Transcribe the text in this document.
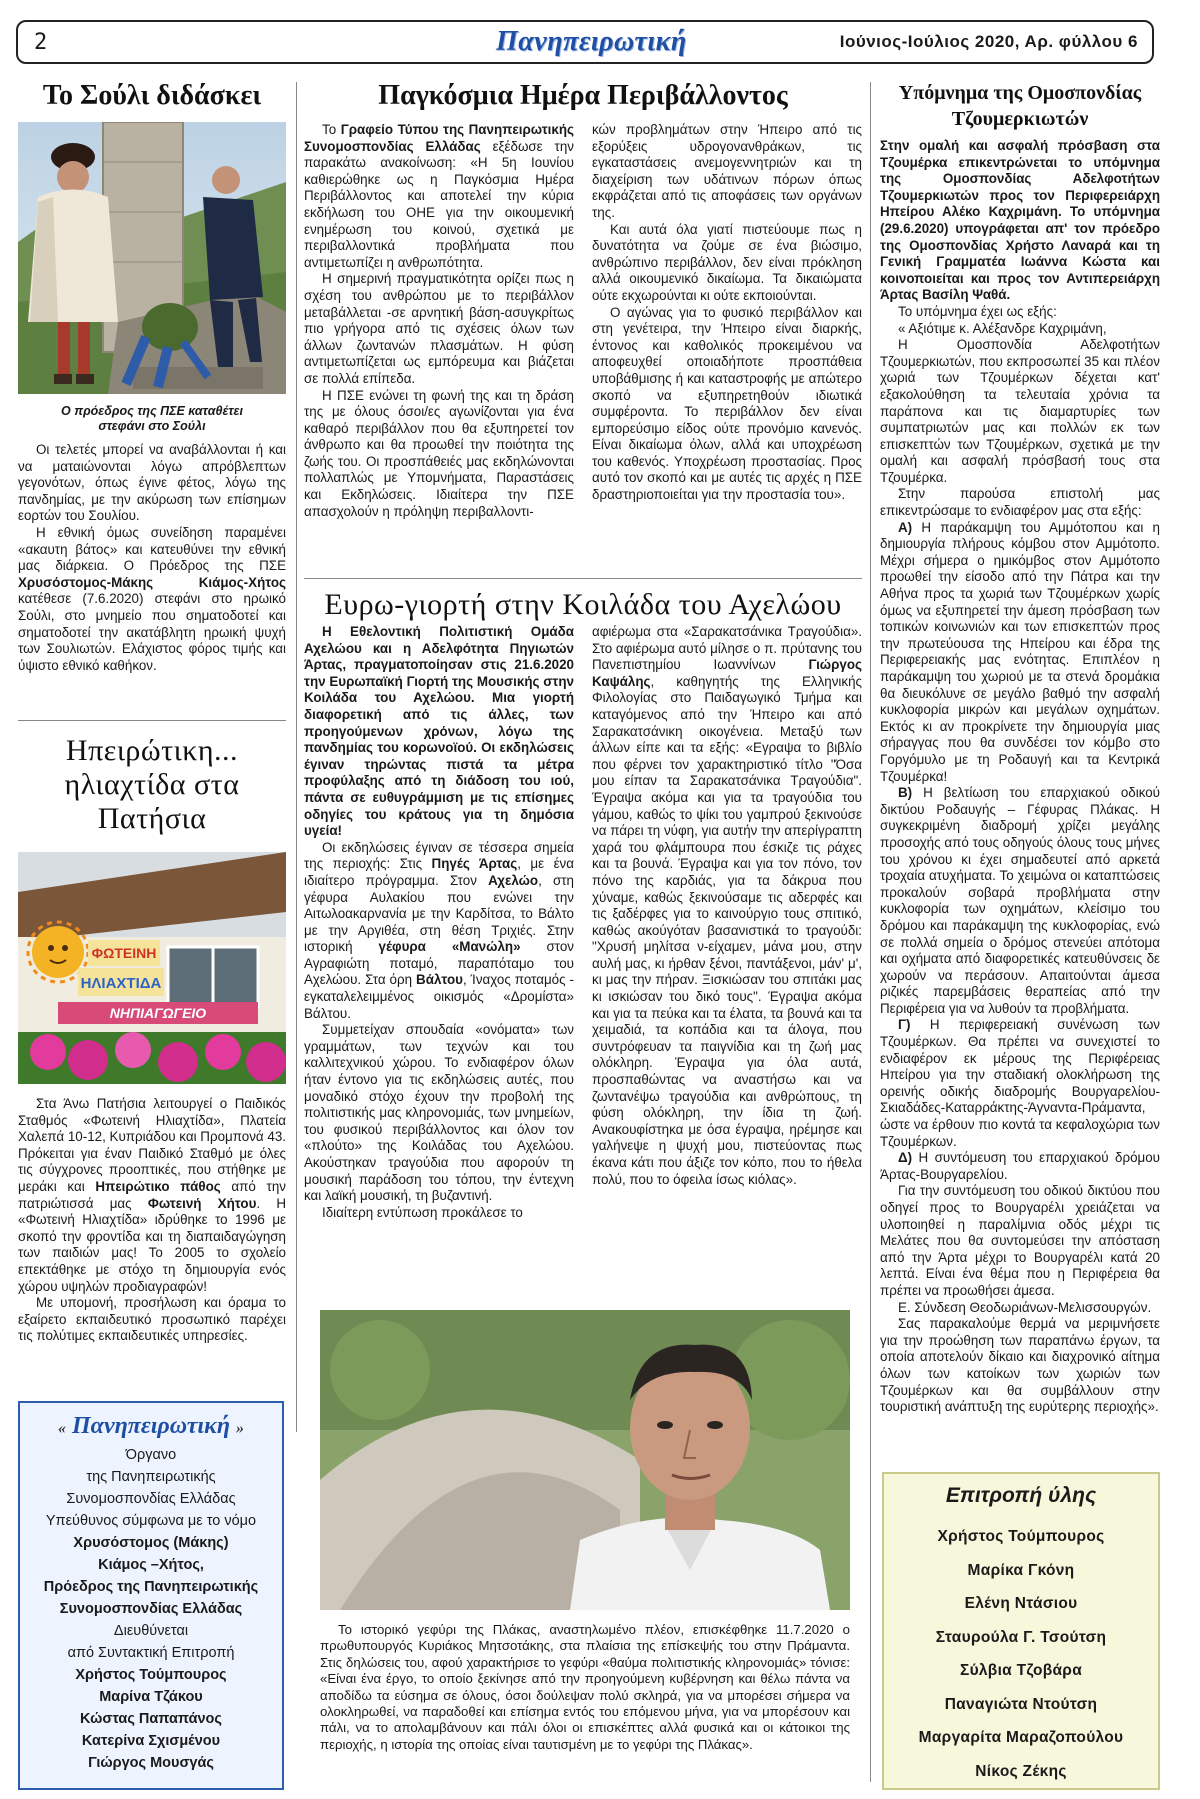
2	Πανηπειρωτική	Ιούνιος-Ιούλιος 2020, Αρ. φύλλου 6
Το Σούλι διδάσκει
Ο πρόεδρος της ΠΣΕ καταθέτει στεφάνι στο Σούλι

Οι τελετές μπορεί να αναβάλλονται ή και να ματαιώνονται λόγω απρόβλεπτων γεγονότων, όπως έγινε φέτος, λόγω της πανδημίας, με την ακύρωση των επίσημων εορτών του Σουλίου.

Η εθνική όμως συνείδηση παραμένει «ακαυτη βάτος» και κατευθύνει την εθνική μας διάρκεια. Ο Πρόεδρος της ΠΣΕ Χρυσόστομος-Μάκης Κιάμος-Χήτος κατέθεσε (7.6.2020) στεφάνι στο ηρωικό Σούλι, στο μνημείο που σηματοδοτεί και σηματοδοτεί την ακατάβλητη ηρωική ψυχή των Σουλιωτών. Ελάχιστος φόρος τιμής και ύψιστο εθνικό καθήκον.

Ηπειρώτικη... ηλιαχτίδα στα Πατήσια
ΦΩΤΕΙΝΗ
ΗΛΙΑΧΤΙΔΑ
ΝΗΠΙΑΓΩΓΕΙΟ

Στα Άνω Πατήσια λειτουργεί ο Παιδικός Σταθμός «Φωτεινή Ηλιαχτίδα», Πλατεία Χαλεπά 10-12, Κυπριάδου και Προμπονά 43. Πρόκειται για έναν Παιδικό Σταθμό με όλες τις σύγχρονες προοπτικές, που στήθηκε με μεράκι και Ηπειρώτικο πάθος από την πατριώτισσά μας Φωτεινή Χήτου. Η «Φωτεινή Ηλιαχτίδα» ιδρύθηκε το 1996 με σκοπό την φροντίδα και τη διαπαιδαγώγηση των παιδιών μας! Το 2005 το σχολείο επεκτάθηκε με στόχο τη δημιουργία ενός χώρου υψηλών προδιαγραφών!

Με υπομονή, προσήλωση και όραμα το εξαίρετο εκπαιδευτικό προσωπικό παρέχει τις πολύτιμες εκπαιδευτικές υπηρεσίες.

« Πανηπειρωτική »
Όργανο
της Πανηπειρωτικής
Συνομοσπονδίας Ελλάδας
Υπεύθυνος σύμφωνα με το νόμο
Χρυσόστομος (Μάκης)
Κιάμος –Χήτος,
Πρόεδρος της Πανηπειρωτικής
Συνομοσπονδίας Ελλάδας
Διευθύνεται
από Συντακτική Επιτροπή
Χρήστος Τούμπουρος
Μαρίνα Τζάκου
Κώστας Παπαπάνος
Κατερίνα Σχισμένου
Γιώργος Μουσγάς
Παγκόσμια Ημέρα Περιβάλλοντος

Το Γραφείο Τύπου της Πανηπειρωτικής Συνομοσπονδίας Ελλάδας εξέδωσε την παρακάτω ανακοίνωση: «Η 5η Ιουνίου καθιερώθηκε ως η Παγκόσμια Ημέρα Περιβάλλοντος και αποτελεί την κύρια εκδήλωση του ΟΗΕ για την οικουμενική ενημέρωση του κοινού, σχετικά με περιβαλλοντικά προβλήματα που αντιμετωπίζει η ανθρωπότητα.

Η σημερινή πραγματικότητα ορίζει πως η σχέση του ανθρώπου με το περιβάλλον μεταβάλλεται -σε αρνητική βάση-ασυγκρίτως πιο γρήγορα από τις σχέσεις όλων των άλλων ζωντανών πλασμάτων. Η φύση αντιμετωπίζεται ως εμπόρευμα και βιάζεται σε πολλά επίπεδα.

Η ΠΣΕ ενώνει τη φωνή της και τη δράση της με όλους όσοι/ες αγωνίζονται για ένα καθαρό περιβάλλον που θα εξυπηρετεί τον άνθρωπο και θα προωθεί την ποιότητα της ζωής του. Οι προσπάθειές μας εκδηλώνονται πολλαπλώς με Υπομνήματα, Παραστάσεις και Εκδηλώσεις. Ιδιαίτερα την ΠΣΕ απασχολούν η πρόληψη περιβαλλοντι-

κών προβλημάτων στην Ήπειρο από τις εξορύξεις υδρογονανθράκων, τις εγκαταστάσεις ανεμογεννητριών και τη διαχείριση των υδάτινων πόρων όπως εκφράζεται από τις αποφάσεις των οργάνων της.

Και αυτά όλα γιατί πιστεύουμε πως η δυνατότητα να ζούμε σε ένα βιώσιμο, ανθρώπινο περιβάλλον, δεν είναι πρόκληση αλλά οικουμενικό δικαίωμα. Τα δικαιώματα ούτε εκχωρούνται κι ούτε εκποιούνται.

Ο αγώνας για το φυσικό περιβάλλον και στη γενέτειρα, την Ήπειρο είναι διαρκής, έντονος και καθολικός προκειμένου να αποφευχθεί οποιαδήποτε προσπάθεια υποβάθμισης ή και καταστροφής με απώτερο σκοπό να εξυπηρετηθούν ιδιωτικά συμφέροντα. Το περιβάλλον δεν είναι εμπορεύσιμο είδος ούτε προνόμιο κανενός. Είναι δικαίωμα όλων, αλλά και υποχρέωση του καθενός. Υποχρέωση προστασίας. Προς αυτό τον σκοπό και με αυτές τις αρχές η ΠΣΕ δραστηριοποιείται για την προστασία του».

Ευρω-γιορτή στην Κοιλάδα του Αχελώου

Η Εθελοντική Πολιτιστική Ομάδα Αχελώου και η Αδελφότητα Πηγιωτών Άρτας, πραγματοποίησαν στις 21.6.2020 την Ευρωπαϊκή Γιορτή της Μουσικής στην Κοιλάδα του Αχελώου. Μια γιορτή διαφορετική από τις άλλες, των προηγούμενων χρόνων, λόγω της πανδημίας του κορωνοϊού. Οι εκδηλώσεις έγιναν τηρώντας πιστά τα μέτρα προφύλαξης από τη διάδοση του ιού, πάντα σε ευθυγράμμιση με τις επίσημες οδηγίες του κράτους για τη δημόσια υγεία!

Οι εκδηλώσεις έγιναν σε τέσσερα σημεία της περιοχής: Στις Πηγές Άρτας, με ένα ιδιαίτερο πρόγραμμα. Στον Αχελώο, στη γέφυρα Αυλακίου που ενώνει την Αιτωλοακαρνανία με την Καρδίτσα, το Βάλτο με την Αργιθέα, στη θέση Τριχιές. Στην ιστορική γέφυρα «Μανώλη» στον Αγραφιώτη ποταμό, παραπόταμο του Αχελώου. Στα όρη Βάλτου, Ίναχος ποταμός - εγκαταλελειμμένος οικισμός «Δρομίστα» Βάλτου.

Συμμετείχαν σπουδαία «ονόματα» των γραμμάτων, των τεχνών και του καλλιτεχνικού χώρου. Το ενδιαφέρον όλων ήταν έντονο για τις εκδηλώσεις αυτές, που μοναδικό στόχο έχουν την προβολή της πολιτιστικής μας κληρονομιάς, των μνημείων, του φυσικού περιβάλλοντος και όλον τον «πλούτο» της Κοιλάδας του Αχελώου. Ακούστηκαν τραγούδια που αφορούν τη μουσική παράδοση του τόπου, την έντεχνη και λαϊκή μουσική, τη βυζαντινή.

Ιδιαίτερη εντύπωση προκάλεσε το

αφιέρωμα στα «Σαρακατσάνικα Τραγούδια». Στο αφιέρωμα αυτό μίλησε ο π. πρύτανης του Πανεπιστημίου Ιωαννίνων Γιώργος Καψάλης, καθηγητής της Ελληνικής Φιλολογίας στο Παιδαγωγικό Τμήμα και καταγόμενος από την Ήπειρο και από Σαρακατσάνικη οικογένεια. Μεταξύ των άλλων είπε και τα εξής: «Εγραψα το βιβλίο που φέρνει τον χαρακτηριστικό τίτλο "Όσα μου είπαν τα Σαρακατσάνικα Τραγούδια". Έγραψα ακόμα και για τα τραγούδια του γάμου, καθώς το ψίκι του γαμπρού ξεκινούσε να πάρει τη νύφη, για αυτήν την απερίγραπτη χαρά του φλάμπουρα που έσκιζε τις ράχες και τα βουνά. Έγραψα και για τον πόνο, τον πόνο της καρδιάς, για τα δάκρυα που χύναμε, καθώς ξεκινούσαμε τις αδερφές και τις ξαδέρφες για το καινούργιο τους σπιτικό, καθώς ακούγόταν βασανιστικά το τραγούδι: "Χρυσή μηλίτσα ν-είχαμεν, μάνα μου, στην αυλή μας, κι ήρθαν ξένοι, παντάξενοι, μάν' μ', κι μας την πήραν. Ξισκιώσαν του σπιτάκι μας κι ισκιώσαν του δικό τους". Έγραψα ακόμα και για τα πεύκα και τα έλατα, τα βουνά και τα χειμαδιά, τα κοπάδια και τα άλογα, που συντρόφευαν τα παιγνίδια και τη ζωή μας ολόκληρη. Έγραψα για όλα αυτά, προσπαθώντας να αναστήσω και να ζωντανέψω τραγούδια και ανθρώπους, τη φύση ολόκληρη, την ίδια τη ζωή. Ανακουφίστηκα με όσα έγραψα, ηρέμησε και γαλήνεψε η ψυχή μου, πιστεύοντας πως έκανα κάτι που άξιζε τον κόπο, που το ήθελα πολύ, που το όφειλα ίσως κιόλας».

Το ιστορικό γεφύρι της Πλάκας, αναστηλωμένο πλέον, επισκέφθηκε 11.7.2020 ο πρωθυπουργός Κυριάκος Μητσοτάκης, στα πλαίσια της επίσκεψής του στην Πράμαντα. Στις δηλώσεις του, αφού χαρακτήρισε το γεφύρι «θαύμα πολιτιστικής κληρονομιάς» τόνισε: «Είναι ένα έργο, το οποίο ξεκίνησε από την προηγούμενη κυβέρνηση και θέλω πάντα να αποδίδω τα εύσημα σε όλους, όσοι δούλεψαν πολύ σκληρά, για να μπορέσει σήμερα να ολοκληρωθεί, να παραδοθεί και επίσημα εντός του επόμενου μήνα, για να μπορέσουν και πάλι, να το απολαμβάνουν και πάλι όλοι οι επισκέπτες αλλά φυσικά και οι κάτοικοι της περιοχής, η ιστορία της οποίας είναι ταυτισμένη με το γεφύρι της Πλάκας».

Υπόμνημα της Ομοσπονδίας Τζουμερκιωτών

Στην ομαλή και ασφαλή πρόσβαση στα Τζουμέρκα επικεντρώνεται το υπόμνημα της Ομοσπονδίας Αδελφοτήτων Τζουμερκιωτών προς τον Περιφερειάρχη Ηπείρου Αλέκο Καχριμάνη. Το υπόμνημα (29.6.2020) υπογράφεται απ' τον πρόεδρο της Ομοσπονδίας Χρήστο Λαναρά και τη Γενική Γραμματέα Ιωάννα Κώστα και κοινοποιείται και προς τον Αντιπερειάρχη Άρτας Βασίλη Ψαθά.

Το υπόμνημα έχει ως εξής:

« Αξιότιμε κ. Αλέξανδρε Καχριμάνη,

Η Ομοσπονδία Αδελφοτήτων Τζουμερκιωτών, που εκπροσωπεί 35 και πλέον χωριά των Τζουμέρκων δέχεται κατ' εξακολούθηση τα τελευταία χρόνια τα παράπονα και τις διαμαρτυρίες των συμπατριωτών μας και πολλών εκ των επισκεπτών των Τζουμέρκων, σχετικά με την ομαλή και ασφαλή πρόσβασή τους στα Τζουμέρκα.

Στην παρούσα επιστολή μας επικεντρώσαμε το ενδιαφέρον μας στα εξής:

Α) Η παράκαμψη του Αμμότοπου και η δημιουργία πλήρους κόμβου στον Αμμότοπο. Μέχρι σήμερα ο ημικόμβος στον Αμμότοπο προωθεί την είσοδο από την Πάτρα και την Αθήνα προς τα χωριά των Τζουμέρκων χωρίς όμως να εξυπηρετεί την άμεση πρόσβαση των τοπικών κοινωνιών και των επισκεπτών προς την πρωτεύουσα της Ηπείρου και έδρα της Περιφερειακής μας ενότητας. Επιπλέον η παράκαμψη του χωριού με τα στενά δρομάκια θα διευκόλυνε σε μεγάλο βαθμό την ασφαλή κυκλοφορία μικρών και μεγάλων οχημάτων. Εκτός κι αν προκρίνετε την δημιουργία μιας σήραγγας που θα συνδέσει τον κόμβο στο Γοργόμυλο με τη Ροδαυγή και τα Κεντρικά Τζουμέρκα!

Β) Η βελτίωση του επαρχιακού οδικού δικτύου Ροδαυγής – Γέφυρας Πλάκας. Η συγκεκριμένη διαδρομή χρίζει μεγάλης προσοχής από τους οδηγούς όλους τους μήνες του χρόνου κι έχει σημαδευτεί από αρκετά τροχαία ατυχήματα. Το χειμώνα οι καταπτώσεις προκαλούν σοβαρά προβλήματα στην κυκλοφορία των οχημάτων, κλείσιμο του δρόμου και παράκαμψη της κυκλοφορίας, ενώ σε πολλά σημεία ο δρόμος στενεύει απότομα και οχήματα από διαφορετικές κατευθύνσεις δε χωρούν να περάσουν. Απαιτούνται άμεσα ριζικές παρεμβάσεις θεραπείας από την Περιφέρεια για να λυθούν τα προβλήματα.

Γ) Η περιφερειακή συνένωση των Τζουμέρκων. Θα πρέπει να συνεχιστεί το ενδιαφέρον εκ μέρους της Περιφέρειας Ηπείρου για την σταδιακή ολοκλήρωση της ορεινής οδικής διαδρομής Βουργαρελίου-Σκιαδάδες-Καταρράκτης-Άγναντα-Πράμαντα, ώστε να έρθουν πιο κοντά τα κεφαλοχώρια των Τζουμέρκων.

Δ) Η συντόμευση του επαρχιακού δρόμου Άρτας-Βουργαρελίου.

Για την συντόμευση του οδικού δικτύου που οδηγεί προς το Βουργαρέλι χρειάζεται να υλοποιηθεί η παραλίμνια οδός μέχρι τις Μελάτες που θα συντομεύσει την απόσταση από την Άρτα μέχρι το Βουργαρέλι κατά 20 λεπτά. Είναι ένα θέμα που η Περιφέρεια θα πρέπει να προωθήσει άμεσα.

Ε. Σύνδεση Θεοδωριάνων-Μελισσουργών.

Σας παρακαλούμε θερμά να μεριμνήσετε για την προώθηση των παραπάνω έργων, τα οποία αποτελούν δίκαιο και διαχρονικό αίτημα όλων των κατοίκων των χωριών των Τζουμέρκων και θα συμβάλλουν στην τουριστική ανάπτυξη της ευρύτερης περιοχής».

Επιτροπή ύλης
Χρήστος Τούμπουρος
Μαρίκα Γκόνη
Ελένη Ντάσιου
Σταυρούλα Γ. Τσούτση
Σύλβια Τζοβάρα
Παναγιώτα Ντούτση
Μαργαρίτα Μαραζοπούλου
Νίκος Ζέκης
